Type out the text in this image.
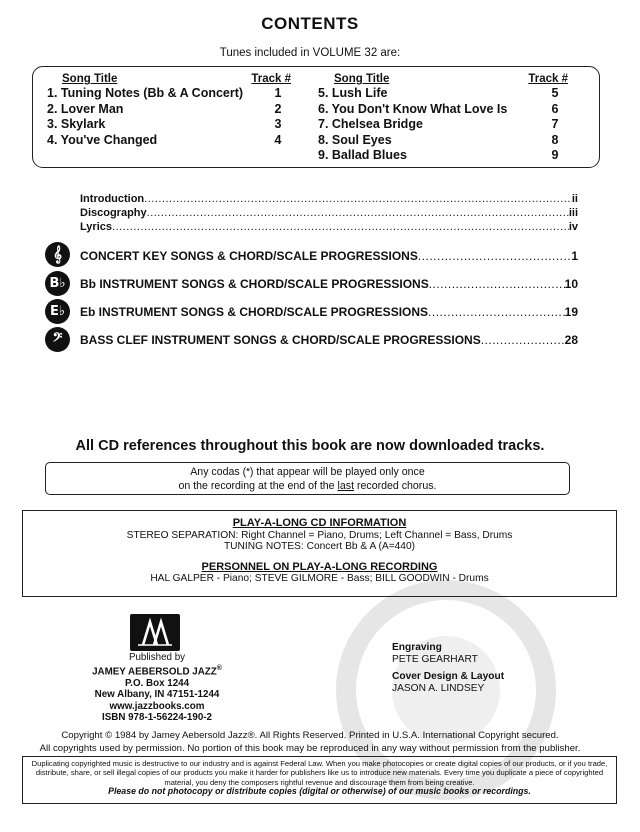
CONTENTS
Tunes included in VOLUME 32 are:
Song Title	Track #
1. Tuning Notes (Bb & A Concert)	1
2. Lover Man	2
3. Skylark	3
4. You've Changed	4
Song Title	Track #
5. Lush Life	5
6. You Don't Know What Love Is	6
7. Chelsea Bridge	7
8. Soul Eyes	8
9. Ballad Blues	9
Introduction .....	ii
Discography .....	iii
Lyrics .....	iv
𝄞	CONCERT KEY SONGS & CHORD/SCALE PROGRESSIONS .....	1
B♭	Bb INSTRUMENT SONGS & CHORD/SCALE PROGRESSIONS .....	10
E♭	Eb INSTRUMENT SONGS & CHORD/SCALE PROGRESSIONS .....	19
𝄢	BASS CLEF INSTRUMENT SONGS & CHORD/SCALE PROGRESSIONS .....	28
All CD references throughout this book are now downloaded tracks.
Any codas (𝄌) that appear will be played only once
on the recording at the end of the last recorded chorus.
PLAY-A-LONG CD INFORMATION
STEREO SEPARATION: Right Channel = Piano, Drums; Left Channel = Bass, Drums
TUNING NOTES: Concert Bb & A (A=440)
PERSONNEL ON PLAY-A-LONG RECORDING
HAL GALPER - Piano; STEVE GILMORE - Bass; BILL GOODWIN - Drums
Published by
JAMEY AEBERSOLD JAZZ®
P.O. Box 1244
New Albany, IN 47151-1244
www.jazzbooks.com
ISBN 978-1-56224-190-2
Engraving
PETE GEARHART
Cover Design & Layout
JASON A. LINDSEY
Copyright © 1984 by Jamey Aebersold Jazz®. All Rights Reserved. Printed in U.S.A. International Copyright secured.
All copyrights used by permission. No portion of this book may be reproduced in any way without permission from the publisher.
Duplicating copyrighted music is destructive to our industry and is against Federal Law. When you make photocopies or create digital copies of our products, or if you trade, distribute, share, or sell illegal copies of our products you make it harder for publishers like us to introduce new materials. Every time you duplicate a piece of copyrighted material, you deny the composers rightful revenue and discourage them from being creative.
Please do not photocopy or distribute copies (digital or otherwise) of our music books or recordings.
